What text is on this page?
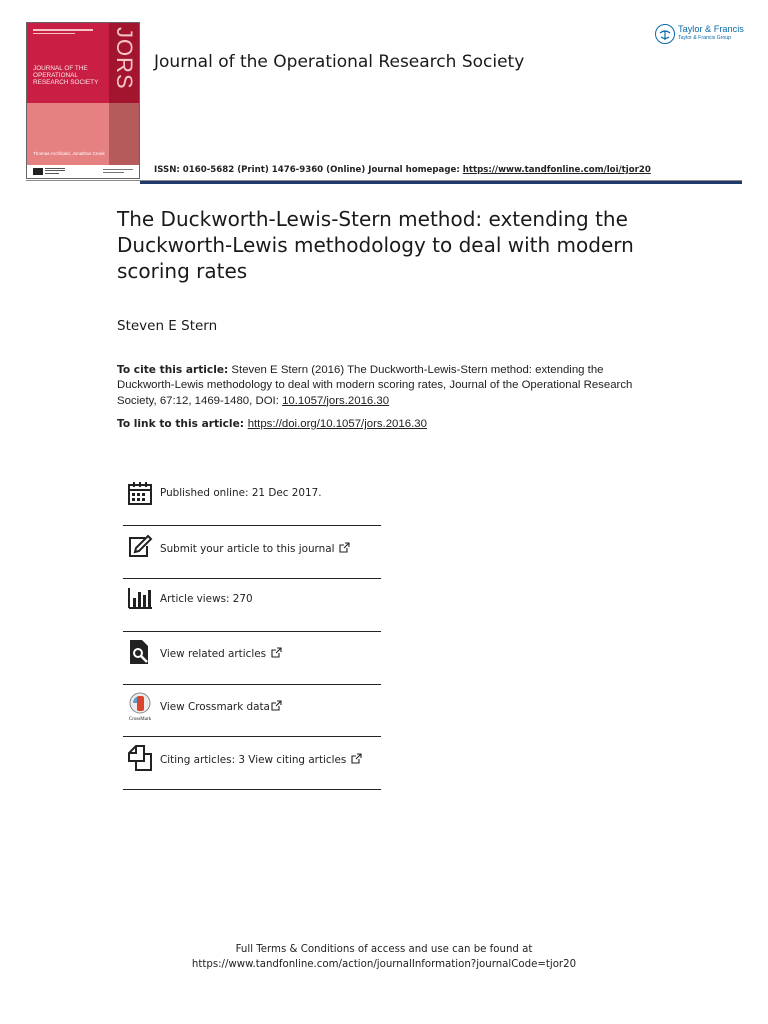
JORS
JOURNAL OF THE OPERATIONAL RESEARCH SOCIETY
Thomas Archibald, Jonathan Crook
Journal of the Operational Research Society
Taylor & Francis
Taylor & Francis Group
ISSN: 0160-5682 (Print) 1476-9360 (Online) Journal homepage: https://www.tandfonline.com/loi/tjor20
The Duckworth-Lewis-Stern method: extending the Duckworth-Lewis methodology to deal with modern scoring rates
Steven E Stern
To cite this article: Steven E Stern (2016) The Duckworth-Lewis-Stern method: extending the Duckworth-Lewis methodology to deal with modern scoring rates, Journal of the Operational Research Society, 67:12, 1469-1480, DOI: 10.1057/jors.2016.30
To link to this article: https://doi.org/10.1057/jors.2016.30
Published online: 21 Dec 2017.
Submit your article to this journal
Article views: 270
View related articles
CrossMark
View Crossmark data
Citing articles: 3 View citing articles
Full Terms & Conditions of access and use can be found at
https://www.tandfonline.com/action/journalInformation?journalCode=tjor20
